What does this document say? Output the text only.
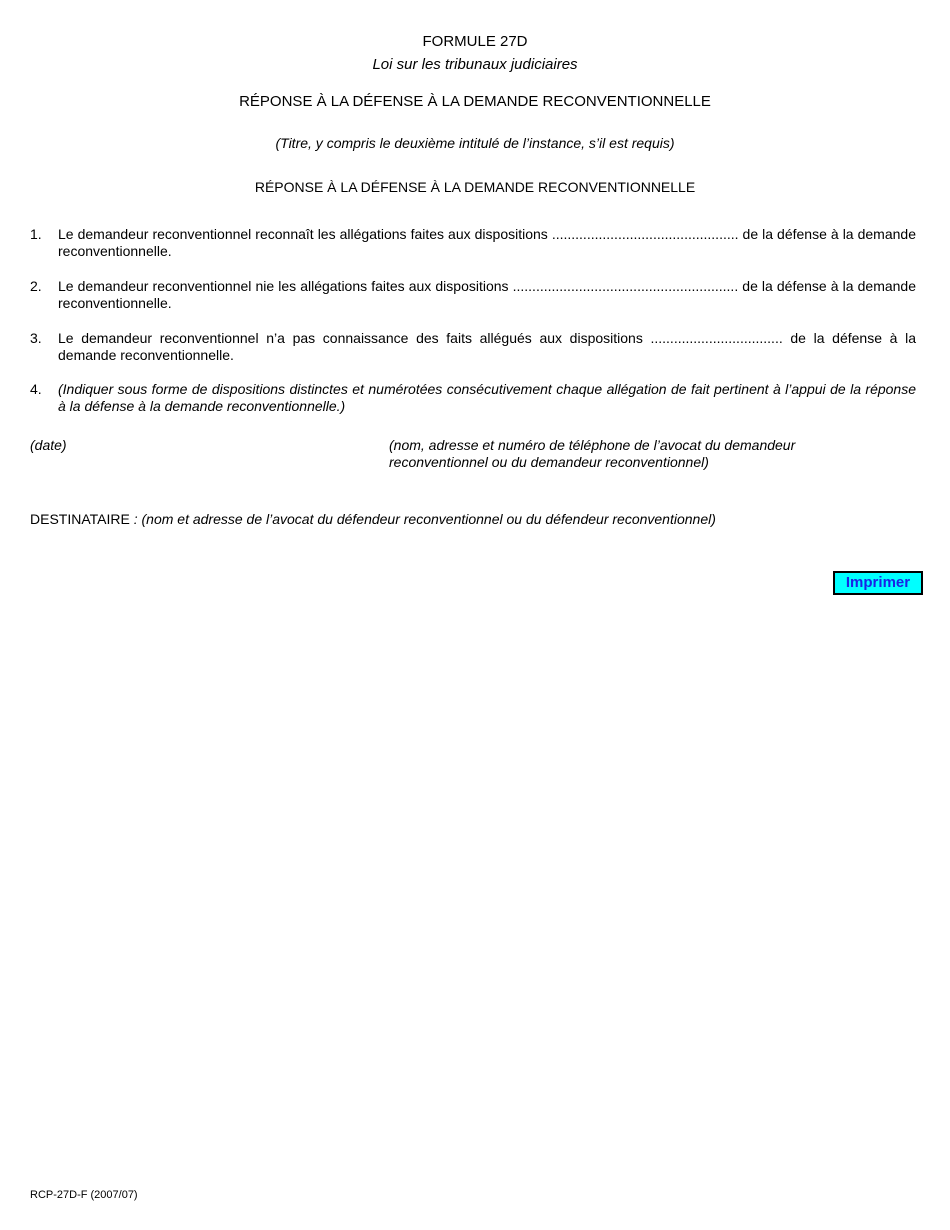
FORMULE 27D
Loi sur les tribunaux judiciaires
RÉPONSE À LA DÉFENSE À LA DEMANDE RECONVENTIONNELLE
(Titre, y compris le deuxième intitulé de l’instance, s’il est requis)
RÉPONSE À LA DÉFENSE À LA DEMANDE RECONVENTIONNELLE
1. Le demandeur reconventionnel reconnaît les allégations faites aux dispositions ................................................ de la défense à la demande reconventionnelle.
2. Le demandeur reconventionnel nie les allégations faites aux dispositions .......................................................... de la défense à la demande reconventionnelle.
3. Le demandeur reconventionnel n’a pas connaissance des faits allégués aux dispositions .................................. de la défense à la demande reconventionnelle.
4. (Indiquer sous forme de dispositions distinctes et numérotées consécutivement chaque allégation de fait pertinent à l’appui de la réponse à la défense à la demande reconventionnelle.)
(date)	(nom, adresse et numéro de téléphone de l’avocat du demandeur reconventionnel ou du demandeur reconventionnel)
DESTINATAIRE : (nom et adresse de l’avocat du défendeur reconventionnel ou du défendeur reconventionnel)
Imprimer
RCP-27D-F (2007/07)
